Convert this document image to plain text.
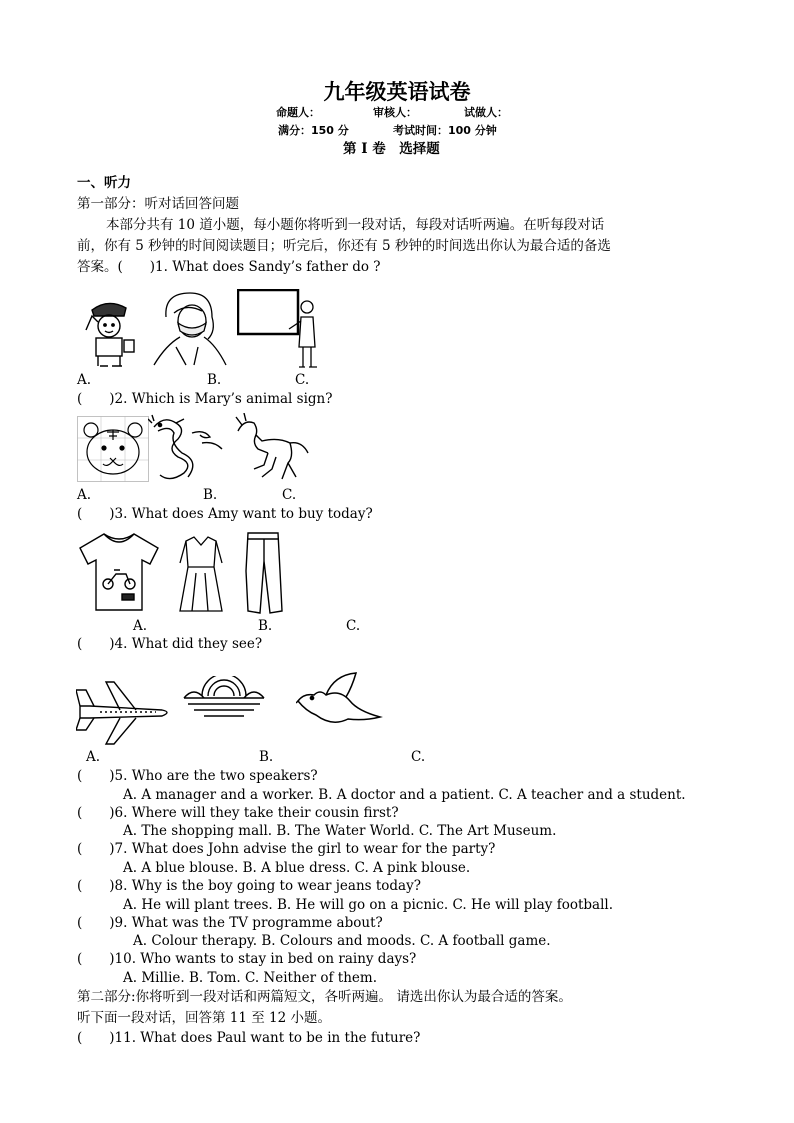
九年级英语试卷
命题人：	审核人：	试做人：
满分：150 分	考试时间：100 分钟
第 I 卷　选择题
一、听力
第一部分：听对话回答问题
本部分共有 10 道小题，每小题你将听到一段对话，每段对话听两遍。在听每段对话
前，你有 5 秒钟的时间阅读题目；听完后，你还有 5 秒钟的时间选出你认为最合适的备选
答案。(　　)1. What does Sandy’s father do ?
A.	B.	C.
(　　)2. Which is Mary’s animal sign?
A.	B.	C.
(　　)3. What does Amy want to buy today?
A.	B.	C.
(　　)4. What did they see?
A.	B.	C.
(　　)5. Who are the two speakers?
A. A manager and a worker. B. A doctor and a patient. C. A teacher and a student.
(　　)6. Where will they take their cousin first?
A. The shopping mall. B. The Water World. C. The Art Museum.
(　　)7. What does John advise the girl to wear for the party?
A. A blue blouse. B. A blue dress. C. A pink blouse.
(　　)8. Why is the boy going to wear jeans today?
A. He will plant trees. B. He will go on a picnic. C. He will play football.
(　　)9. What was the TV programme about?
A. Colour therapy. B. Colours and moods. C. A football game.
(　　)10. Who wants to stay in bed on rainy days?
A. Millie. B. Tom. C. Neither of them.
第二部分:你将听到一段对话和两篇短文，各听两遍。 请选出你认为最合适的答案。
听下面一段对话，回答第 11 至 12 小题。
(　　)11. What does Paul want to be in the future?
